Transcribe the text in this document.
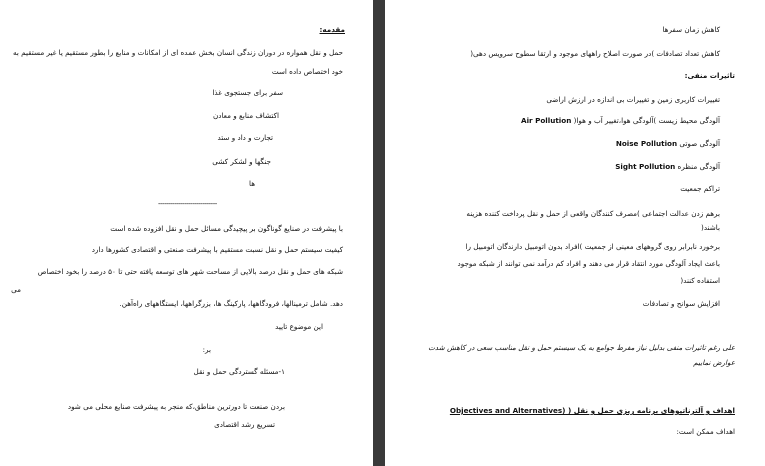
مقدمه:
حمل و نقل همواره در دوران زندگی انسان بخش عمده ای از امکانات و منابع را بطور مستقیم یا غیر مستقیم به
خود اختصاص داده است
سفر برای جستجوی غذا
اکتشاف منابع و معادن
تجارت و داد و ستد
جنگها و لشکر کشی
ها
-----------------------------
با پیشرفت در صنایع گوناگون بر پیچیدگی مسائل حمل و نقل افزوده شده است
کیفیت سیستم حمل و نقل نسبت مستقیم با پیشرفت صنعتی و اقتصادی کشورها دارد
شبکه های حمل و نقل درصد بالایی از مساحت شهر های توسعه یافته حتی تا ۵۰ درصد را بخود اختصاص
می
دهد. شامل ترمینالها، فرودگاهها، پارکینگ ها، بزرگراهها، ایستگاههای راه‌آهن.
این موضوع تایید
بر:
۱-مسئله گستردگی حمل و نقل
بردن صنعت تا دورترین مناطق،که منجر به پیشرفت صنایع محلی می شود
تسریع رشد اقتصادی
کاهش زمان سفرها
کاهش تعداد تصادفات )در صورت اصلاح راههای موجود و ارتقا سطوح سرویس دهی(
تاثیرات منفی:
تغییرات کاربری زمین و تغییرات بی اندازه در ارزش اراضی
آلودگی محیط زیست )آلودگی هوا،تغییر آب و هوا( Air Pollution
آلودگی صوتی Noise Pollution
آلودگی منظره Sight Pollution
تراکم جمعیت
برهم زدن عدالت اجتماعی )مصرف کنندگان واقعی از حمل و نقل پرداخت کننده هزینه
باشند(
برخورد نابرابر روی گروههای معینی از جمعیت )افراد بدون اتومبیل دارندگان اتومبیل را
باعث ایجاد آلودگی مورد انتقاد قرار می دهند و افراد کم درآمد نمی توانند از شبکه موجود
استفاده کنند(
افزایش سوانح و تصادفات
علی رغم تاثیرات منفی بدلیل نیاز مفرط جوامع به یک سیستم حمل و نقل مناسب سعی در کاهش شدت
عوارض نماییم
اهداف و آلترناتیوهای برنامه ریزی حمل و نقل ( Objectives and Alternatives)
اهداف ممکن است:
